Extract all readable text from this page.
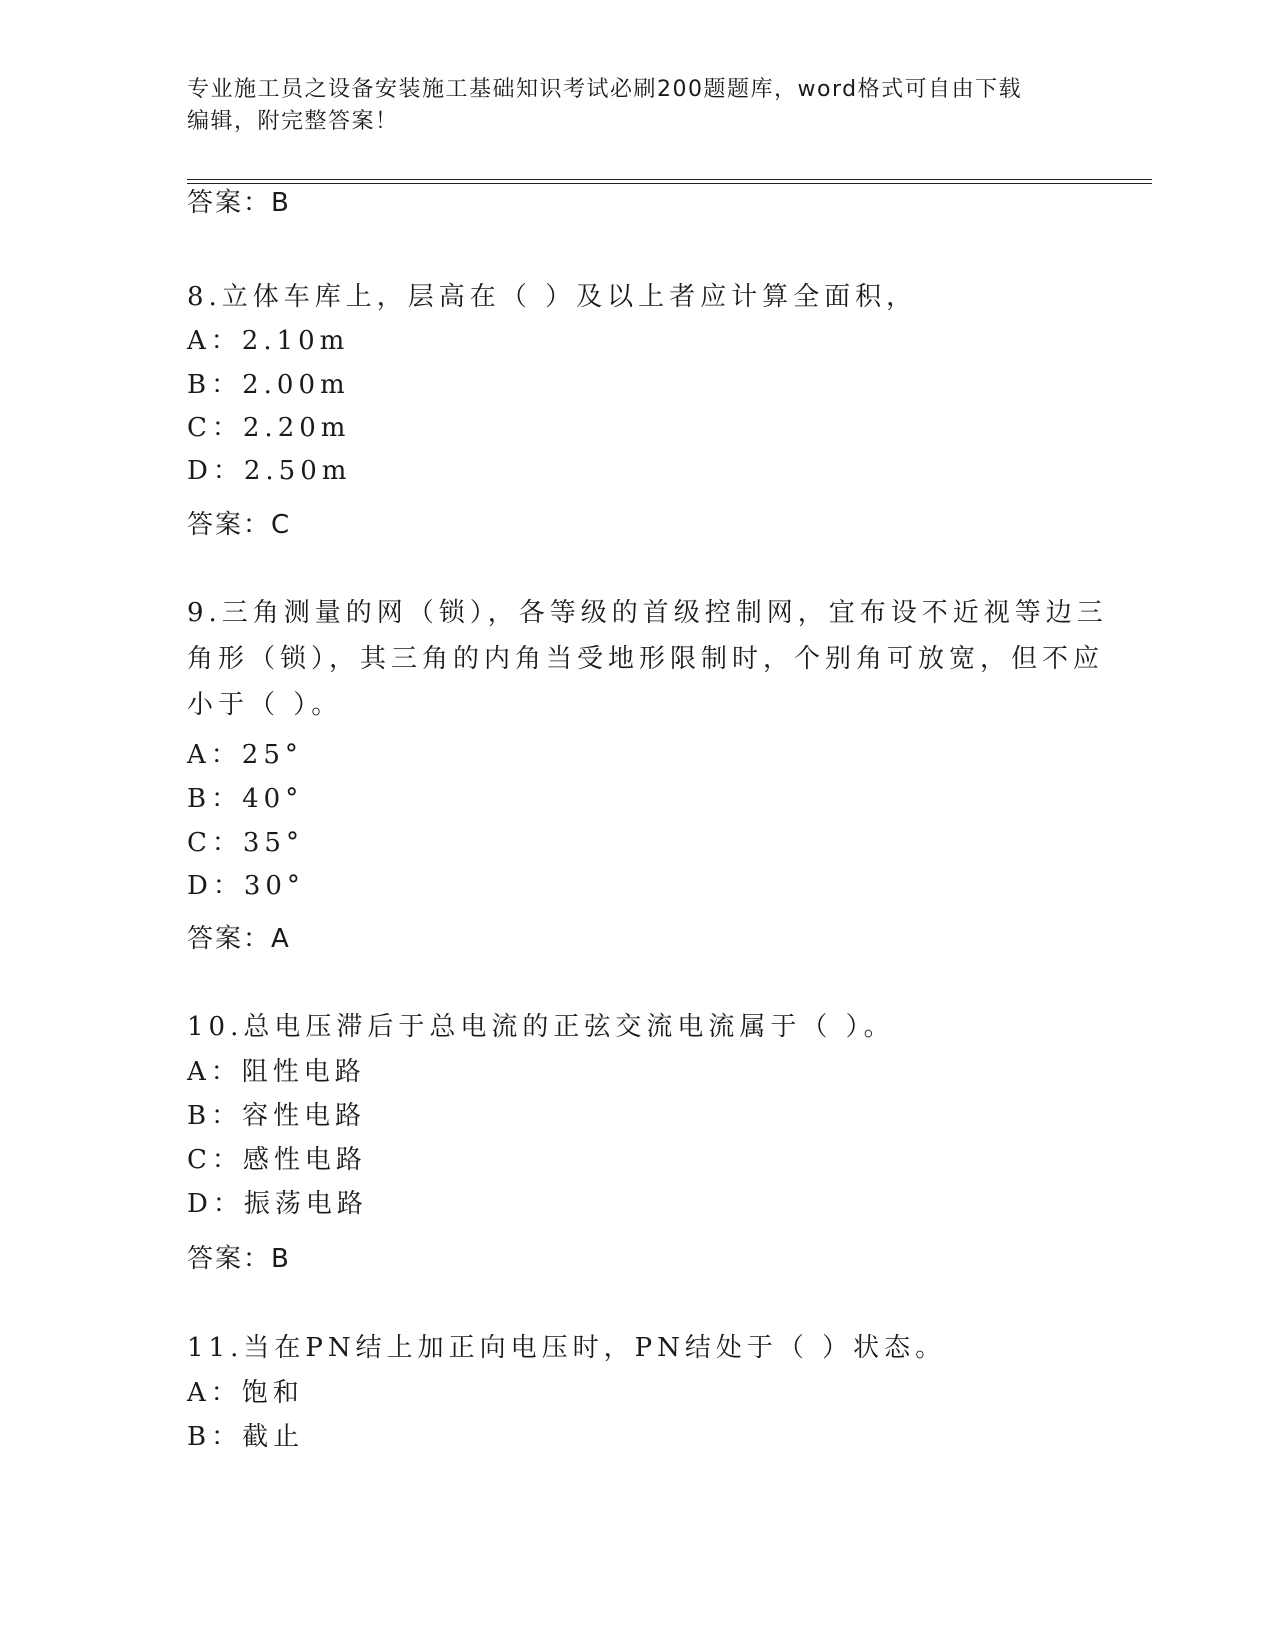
专业施工员之设备安装施工基础知识考试必刷200题题库，word格式可自由下载
编辑，附完整答案！
答案：B
8.立体车库上，层高在（ ）及以上者应计算全面积，
A：2.10m
B：2.00m
C：2.20m
D：2.50m
答案：C
9.三角测量的网（锁），各等级的首级控制网，宜布设不近视等边三
角形（锁），其三角的内角当受地形限制时，个别角可放宽，但不应
小于（ ）。
A：25°
B：40°
C：35°
D：30°
答案：A
10.总电压滞后于总电流的正弦交流电流属于（ ）。
A：阻性电路
B：容性电路
C：感性电路
D：振荡电路
答案：B
11.当在PN结上加正向电压时，PN结处于（ ）状态。
A：饱和
B：截止
